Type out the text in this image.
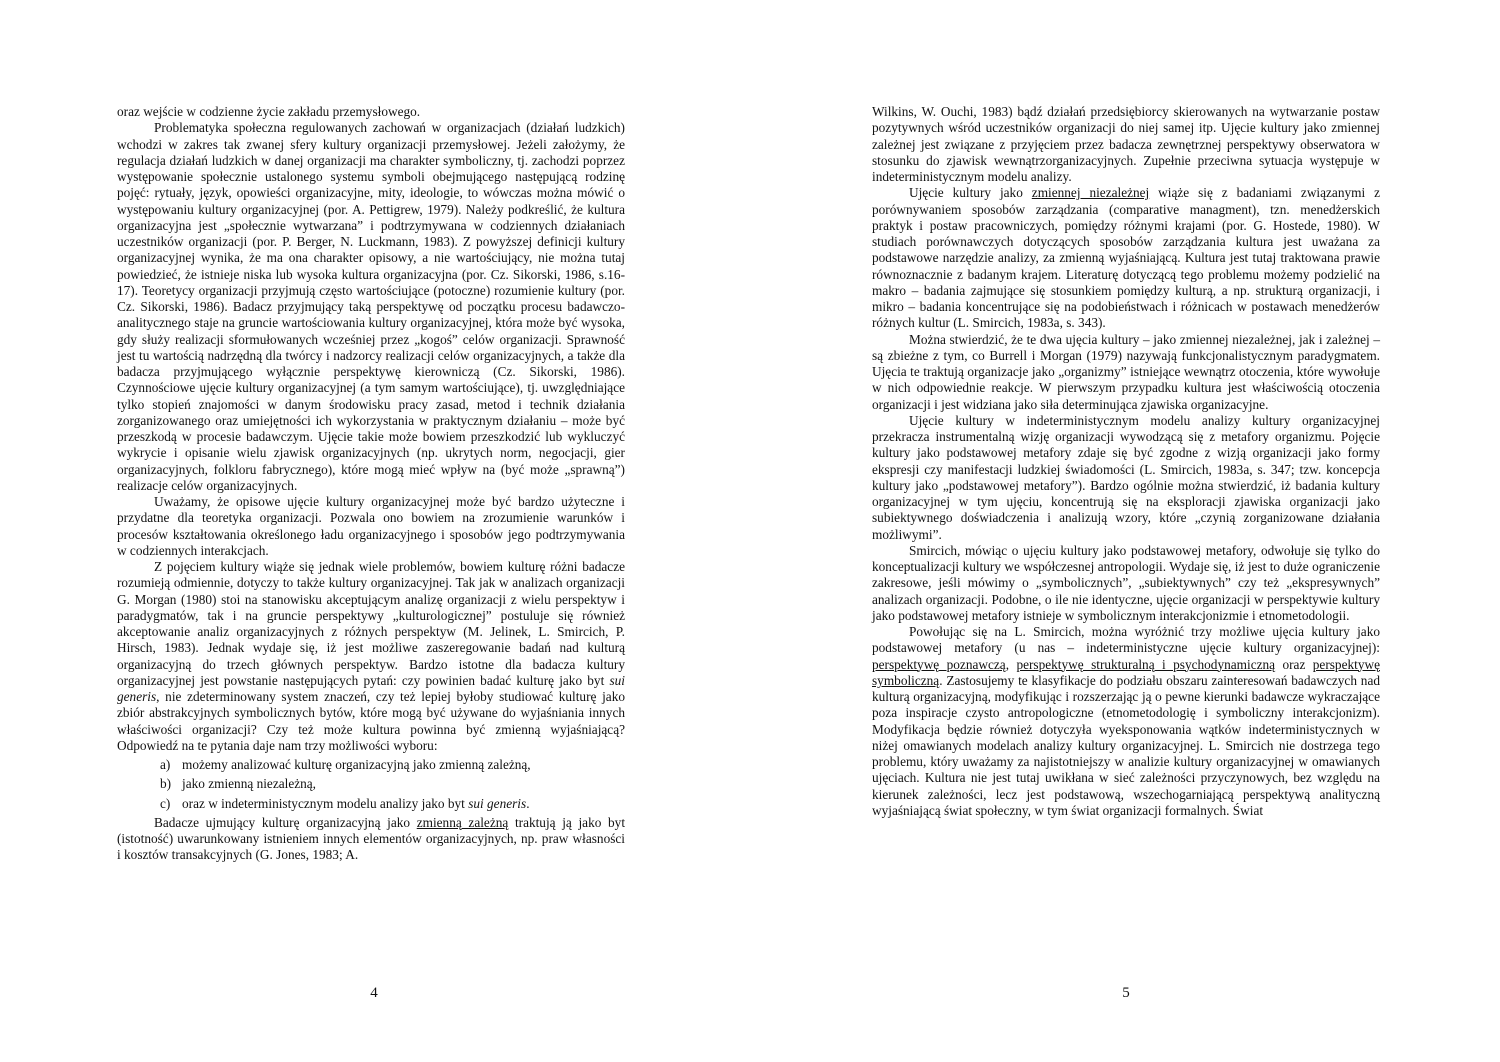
oraz wejście w codzienne życie zakładu przemysłowego.

Problematyka społeczna regulowanych zachowań w organizacjach (działań ludzkich) wchodzi w zakres tak zwanej sfery kultury organizacji przemysłowej. Jeżeli założymy, że regulacja działań ludzkich w danej organizacji ma charakter symboliczny, tj. zachodzi poprzez występowanie społecznie ustalonego systemu symboli obejmującego następującą rodzinę pojęć: rytuały, język, opowieści organizacyjne, mity, ideologie, to wówczas można mówić o występowaniu kultury organizacyjnej (por. A. Pettigrew, 1979). Należy podkreślić, że kultura organizacyjna jest „społecznie wytwarzana” i podtrzymywana w codziennych działaniach uczestników organizacji (por. P. Berger, N. Luckmann, 1983). Z powyższej definicji kultury organizacyjnej wynika, że ma ona charakter opisowy, a nie wartościujący, nie można tutaj powiedzieć, że istnieje niska lub wysoka kultura organizacyjna (por. Cz. Sikorski, 1986, s.16-17). Teoretycy organizacji przyjmują często wartościujące (potoczne) rozumienie kultury (por. Cz. Sikorski, 1986). Badacz przyjmujący taką perspektywę od początku procesu badawczo-analitycznego staje na gruncie wartościowania kultury organizacyjnej, która może być wysoka, gdy służy realizacji sformułowanych wcześniej przez „kogoś” celów organizacji. Sprawność jest tu wartością nadrzędną dla twórcy i nadzorcy realizacji celów organizacyjnych, a także dla badacza przyjmującego wyłącznie perspektywę kierowniczą (Cz. Sikorski, 1986). Czynnościowe ujęcie kultury organizacyjnej (a tym samym wartościujące), tj. uwzględniające tylko stopień znajomości w danym środowisku pracy zasad, metod i technik działania zorganizowanego oraz umiejętności ich wykorzystania w praktycznym działaniu – może być przeszkodą w procesie badawczym. Ujęcie takie może bowiem przeszkodzić lub wykluczyć wykrycie i opisanie wielu zjawisk organizacyjnych (np. ukrytych norm, negocjacji, gier organizacyjnych, folkloru fabrycznego), które mogą mieć wpływ na (być może „sprawną”) realizacje celów organizacyjnych.

Uważamy, że opisowe ujęcie kultury organizacyjnej może być bardzo użyteczne i przydatne dla teoretyka organizacji. Pozwala ono bowiem na zrozumienie warunków i procesów kształtowania określonego ładu organizacyjnego i sposobów jego podtrzymywania w codziennych interakcjach.

Z pojęciem kultury wiąże się jednak wiele problemów, bowiem kulturę różni badacze rozumieją odmiennie, dotyczy to także kultury organizacyjnej. Tak jak w analizach organizacji G. Morgan (1980) stoi na stanowisku akceptującym analizę organizacji z wielu perspektyw i paradygmatów, tak i na gruncie perspektywy „kulturologicznej” postuluje się również akceptowanie analiz organizacyjnych z różnych perspektyw (M. Jelinek, L. Smircich, P. Hirsch, 1983). Jednak wydaje się, iż jest możliwe zaszeregowanie badań nad kulturą organizacyjną do trzech głównych perspektyw. Bardzo istotne dla badacza kultury organizacyjnej jest powstanie następujących pytań: czy powinien badać kulturę jako byt sui generis, nie zdeterminowany system znaczeń, czy też lepiej byłoby studiować kulturę jako zbiór abstrakcyjnych symbolicznych bytów, które mogą być używane do wyjaśniania innych właściwości organizacji? Czy też może kultura powinna być zmienną wyjaśniającą? Odpowiedź na te pytania daje nam trzy możliwości wyboru:

a) możemy analizować kulturę organizacyjną jako zmienną zależną,
b) jako zmienną niezależną,
c) oraz w indeterministycznym modelu analizy jako byt sui generis.

Badacze ujmujący kulturę organizacyjną jako zmienną zależną traktują ją jako byt (istotność) uwarunkowany istnieniem innych elementów organizacyjnych, np. praw własności i kosztów transakcyjnych (G. Jones, 1983; A.

Wilkins, W. Ouchi, 1983) bądź działań przedsiębiorcy skierowanych na wytwarzanie postaw pozytywnych wśród uczestników organizacji do niej samej itp. Ujęcie kultury jako zmiennej zależnej jest związane z przyjęciem przez badacza zewnętrznej perspektywy obserwatora w stosunku do zjawisk wewnątrzorganizacyjnych. Zupełnie przeciwna sytuacja występuje w indeterministycznym modelu analizy.

Ujęcie kultury jako zmiennej niezależnej wiąże się z badaniami związanymi z porównywaniem sposobów zarządzania (comparative managment), tzn. menedżerskich praktyk i postaw pracowniczych, pomiędzy różnymi krajami (por. G. Hostede, 1980). W studiach porównawczych dotyczących sposobów zarządzania kultura jest uważana za podstawowe narzędzie analizy, za zmienną wyjaśniającą. Kultura jest tutaj traktowana prawie równoznacznie z badanym krajem. Literaturę dotyczącą tego problemu możemy podzielić na makro – badania zajmujące się stosunkiem pomiędzy kulturą, a np. strukturą organizacji, i mikro – badania koncentrujące się na podobieństwach i różnicach w postawach menedżerów różnych kultur (L. Smircich, 1983a, s. 343).

Można stwierdzić, że te dwa ujęcia kultury – jako zmiennej niezależnej, jak i zależnej – są zbieżne z tym, co Burrell i Morgan (1979) nazywają funkcjonalistycznym paradygmatem. Ujęcia te traktują organizacje jako „organizmy” istniejące wewnątrz otoczenia, które wywołuje w nich odpowiednie reakcje. W pierwszym przypadku kultura jest właściwością otoczenia organizacji i jest widziana jako siła determinująca zjawiska organizacyjne.

Ujęcie kultury w indeterministycznym modelu analizy kultury organizacyjnej przekracza instrumentalną wizję organizacji wywodzącą się z metafory organizmu. Pojęcie kultury jako podstawowej metafory zdaje się być zgodne z wizją organizacji jako formy ekspresji czy manifestacji ludzkiej świadomości (L. Smircich, 1983a, s. 347; tzw. koncepcja kultury jako „podstawowej metafory”). Bardzo ogólnie można stwierdzić, iż badania kultury organizacyjnej w tym ujęciu, koncentrują się na eksploracji zjawiska organizacji jako subiektywnego doświadczenia i analizują wzory, które „czynią zorganizowane działania możliwymi”.

Smircich, mówiąc o ujęciu kultury jako podstawowej metafory, odwołuje się tylko do konceptualizacji kultury we współczesnej antropologii. Wydaje się, iż jest to duże ograniczenie zakresowe, jeśli mówimy o „symbolicznych”, „subiektywnych” czy też „ekspresywnych” analizach organizacji. Podobne, o ile nie identyczne, ujęcie organizacji w perspektywie kultury jako podstawowej metafory istnieje w symbolicznym interakcjonizmie i etnometodologii.

Powołując się na L. Smircich, można wyróżnić trzy możliwe ujęcia kultury jako podstawowej metafory (u nas – indeterministyczne ujęcie kultury organizacyjnej): perspektywę poznawczą, perspektywę strukturalną i psychodynamiczną oraz perspektywę symboliczną. Zastosujemy te klasyfikacje do podziału obszaru zainteresowań badawczych nad kulturą organizacyjną, modyfikując i rozszerzając ją o pewne kierunki badawcze wykraczające poza inspiracje czysto antropologiczne (etnometodologię i symboliczny interakcjonizm). Modyfikacja będzie również dotyczyła wyeksponowania wątków indeterministycznych w niżej omawianych modelach analizy kultury organizacyjnej. L. Smircich nie dostrzega tego problemu, który uważamy za najistotniejszy w analizie kultury organizacyjnej w omawianych ujęciach. Kultura nie jest tutaj uwikłana w sieć zależności przyczynowych, bez względu na kierunek zależności, lecz jest podstawową, wszechogarniającą perspektywą analityczną wyjaśniającą świat społeczny, w tym świat organizacji formalnych. Świat

4	5
